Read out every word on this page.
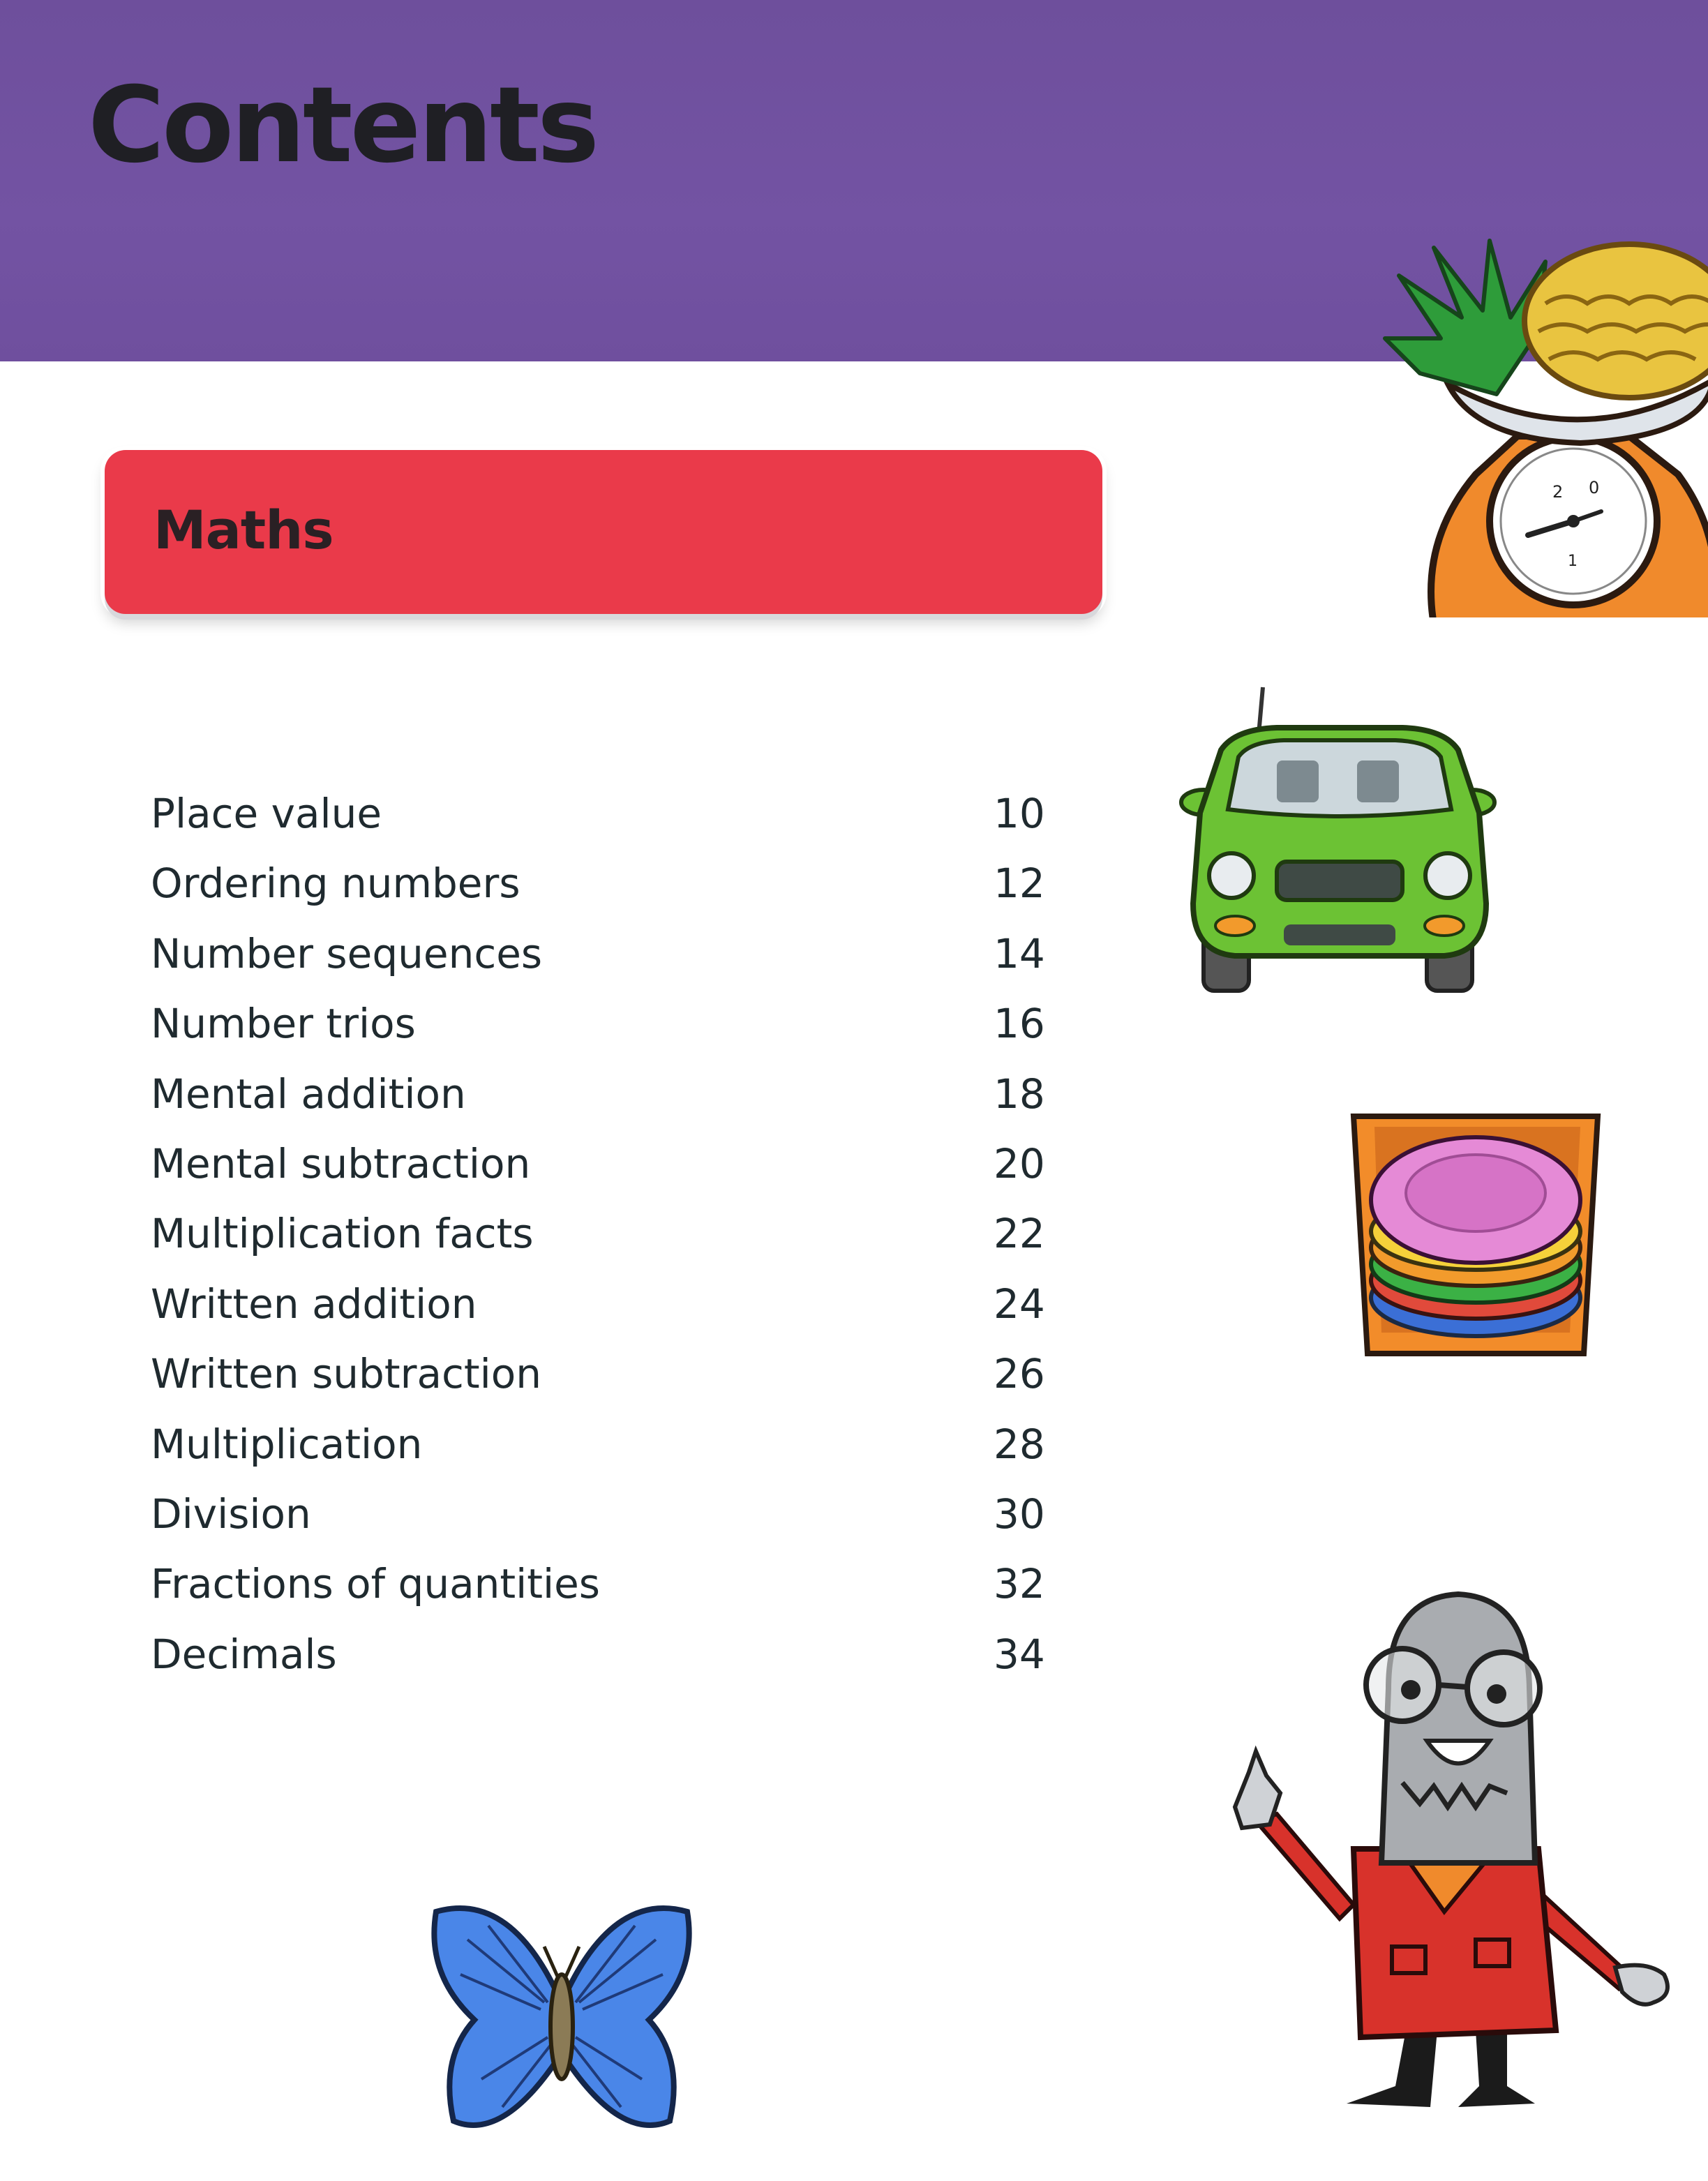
Contents
Maths
Place value	10
Ordering numbers	12
Number sequences	14
Number trios	16
Mental addition	18
Mental subtraction	20
Multiplication facts	22
Written addition	24
Written subtraction	26
Multiplication	28
Division	30
Fractions of quantities	32
Decimals	34
2 0
1
